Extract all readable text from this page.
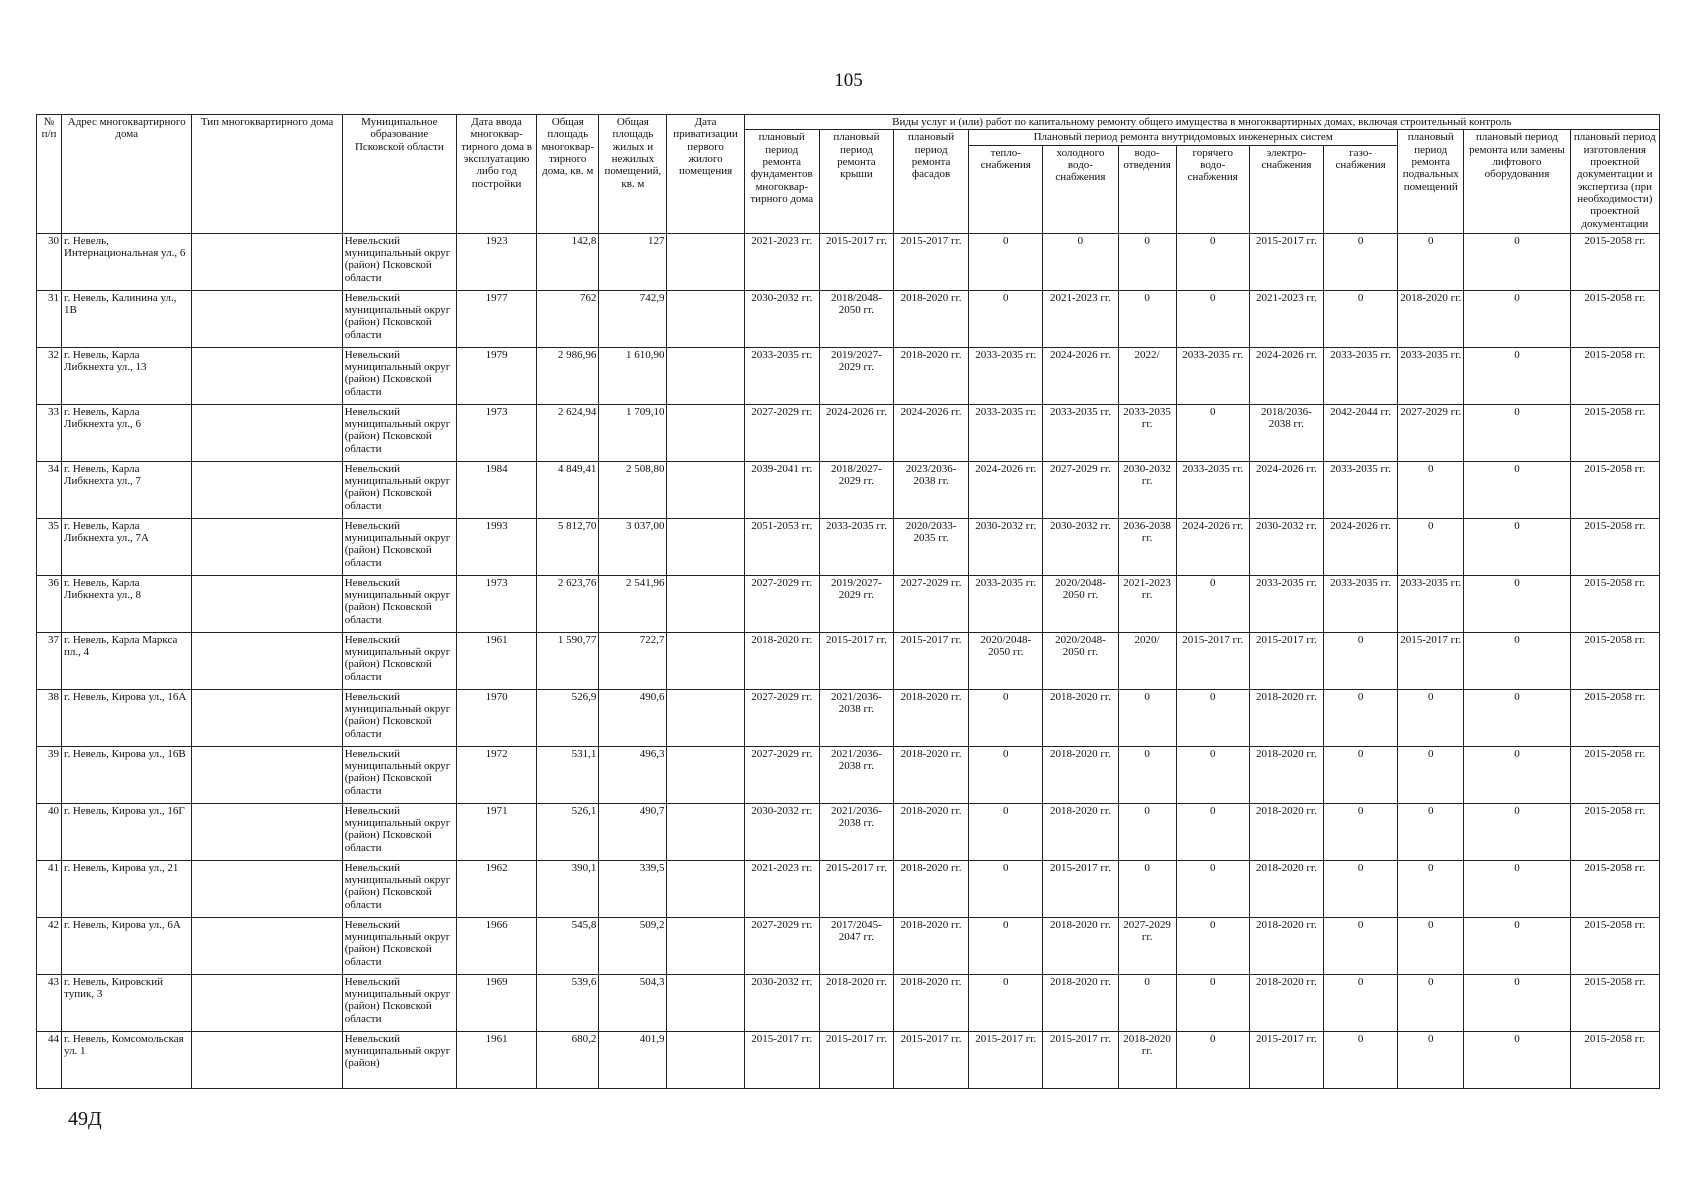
105
№ п/п	Адрес многоквартирного дома	Тип многоквартирного дома	Муниципальное образование Псковской области	Дата ввода многоквар-тирного дома в эксплуатацию либо год постройки	Общая площадь многоквар-тирного дома, кв. м	Общая площадь жилых и нежилых помещений, кв. м	Дата приватизации первого жилого помещения	Виды услуг и (или) работ по капитальному ремонту общего имущества в многоквартирных домах, включая строительный контроль											
								плановый период ремонта фундаментов многоквар-тирного дома	плановый период ремонта крыши	плановый период ремонта фасадов	Плановый период ремонта внутридомовых инженерных систем						плановый период ремонта подвальных помещений	плановый период ремонта или замены лифтового оборудования	плановый период изготовления проектной документации и экспертиза (при необходимости) проектной документации
											тепло-снабжения	холодного водо-снабжения	водо-отведения	горячего водо-снабжения	электро-снабжения	газо-снабжения			
30	г. Невель, Интернациональная ул., 6		Невельский муниципальный округ (район) Псковской области	1923	142,8	127		2021-2023 гг.	2015-2017 гг.	2015-2017 гг.	0	0	0	0	2015-2017 гг.	0	0	0	2015-2058 гг.
31	г. Невель, Калинина ул., 1В		Невельский муниципальный округ (район) Псковской области	1977	762	742,9		2030-2032 гг.	2018/2048-2050 гг.	2018-2020 гг.	0	2021-2023 гг.	0	0	2021-2023 гг.	0	2018-2020 гг.	0	2015-2058 гг.
32	г. Невель, Карла Либкнехта ул., 13		Невельский муниципальный округ (район) Псковской области	1979	2 986,96	1 610,90		2033-2035 гг.	2019/2027-2029 гг.	2018-2020 гг.	2033-2035 гг.	2024-2026 гг.	2022/	2033-2035 гг.	2024-2026 гг.	2033-2035 гг.	2033-2035 гг.	0	2015-2058 гг.
33	г. Невель, Карла Либкнехта ул., 6		Невельский муниципальный округ (район) Псковской области	1973	2 624,94	1 709,10		2027-2029 гг.	2024-2026 гг.	2024-2026 гг.	2033-2035 гг.	2033-2035 гг.	2033-2035 гг.	0	2018/2036-2038 гг.	2042-2044 гг.	2027-2029 гг.	0	2015-2058 гг.
34	г. Невель, Карла Либкнехта ул., 7		Невельский муниципальный округ (район) Псковской области	1984	4 849,41	2 508,80		2039-2041 гг.	2018/2027-2029 гг.	2023/2036-2038 гг.	2024-2026 гг.	2027-2029 гг.	2030-2032 гг.	2033-2035 гг.	2024-2026 гг.	2033-2035 гг.	0	0	2015-2058 гг.
35	г. Невель, Карла Либкнехта ул., 7А		Невельский муниципальный округ (район) Псковской области	1993	5 812,70	3 037,00		2051-2053 гг.	2033-2035 гг.	2020/2033-2035 гг.	2030-2032 гг.	2030-2032 гг.	2036-2038 гг.	2024-2026 гг.	2030-2032 гг.	2024-2026 гг.	0	0	2015-2058 гг.
36	г. Невель, Карла Либкнехта ул., 8		Невельский муниципальный округ (район) Псковской области	1973	2 623,76	2 541,96		2027-2029 гг.	2019/2027-2029 гг.	2027-2029 гг.	2033-2035 гг.	2020/2048-2050 гг.	2021-2023 гг.	0	2033-2035 гг.	2033-2035 гг.	2033-2035 гг.	0	2015-2058 гг.
37	г. Невель, Карла Маркса пл., 4		Невельский муниципальный округ (район) Псковской области	1961	1 590,77	722,7		2018-2020 гг.	2015-2017 гг.	2015-2017 гг.	2020/2048-2050 гг.	2020/2048-2050 гг.	2020/	2015-2017 гг.	2015-2017 гг.	0	2015-2017 гг.	0	2015-2058 гг.
38	г. Невель, Кирова ул., 16А		Невельский муниципальный округ (район) Псковской области	1970	526,9	490,6		2027-2029 гг.	2021/2036-2038 гг.	2018-2020 гг.	0	2018-2020 гг.	0	0	2018-2020 гг.	0	0	0	2015-2058 гг.
39	г. Невель, Кирова ул., 16В		Невельский муниципальный округ (район) Псковской области	1972	531,1	496,3		2027-2029 гг.	2021/2036-2038 гг.	2018-2020 гг.	0	2018-2020 гг.	0	0	2018-2020 гг.	0	0	0	2015-2058 гг.
40	г. Невель, Кирова ул., 16Г		Невельский муниципальный округ (район) Псковской области	1971	526,1	490,7		2030-2032 гг.	2021/2036-2038 гг.	2018-2020 гг.	0	2018-2020 гг.	0	0	2018-2020 гг.	0	0	0	2015-2058 гг.
41	г. Невель, Кирова ул., 21		Невельский муниципальный округ (район) Псковской области	1962	390,1	339,5		2021-2023 гг.	2015-2017 гг.	2018-2020 гг.	0	2015-2017 гг.	0	0	2018-2020 гг.	0	0	0	2015-2058 гг.
42	г. Невель, Кирова ул., 6А		Невельский муниципальный округ (район) Псковской области	1966	545,8	509,2		2027-2029 гг.	2017/2045-2047 гг.	2018-2020 гг.	0	2018-2020 гг.	2027-2029 гг.	0	2018-2020 гг.	0	0	0	2015-2058 гг.
43	г. Невель, Кировский тупик, 3		Невельский муниципальный округ (район) Псковской области	1969	539,6	504,3		2030-2032 гг.	2018-2020 гг.	2018-2020 гг.	0	2018-2020 гг.	0	0	2018-2020 гг.	0	0	0	2015-2058 гг.
44	г. Невель, Комсомольская ул. 1		Невельский муниципальный округ (район)	1961	680,2	401,9		2015-2017 гг.	2015-2017 гг.	2015-2017 гг.	2015-2017 гг.	2015-2017 гг.	2018-2020 гг.	0	2015-2017 гг.	0	0	0	2015-2058 гг.
49Д
